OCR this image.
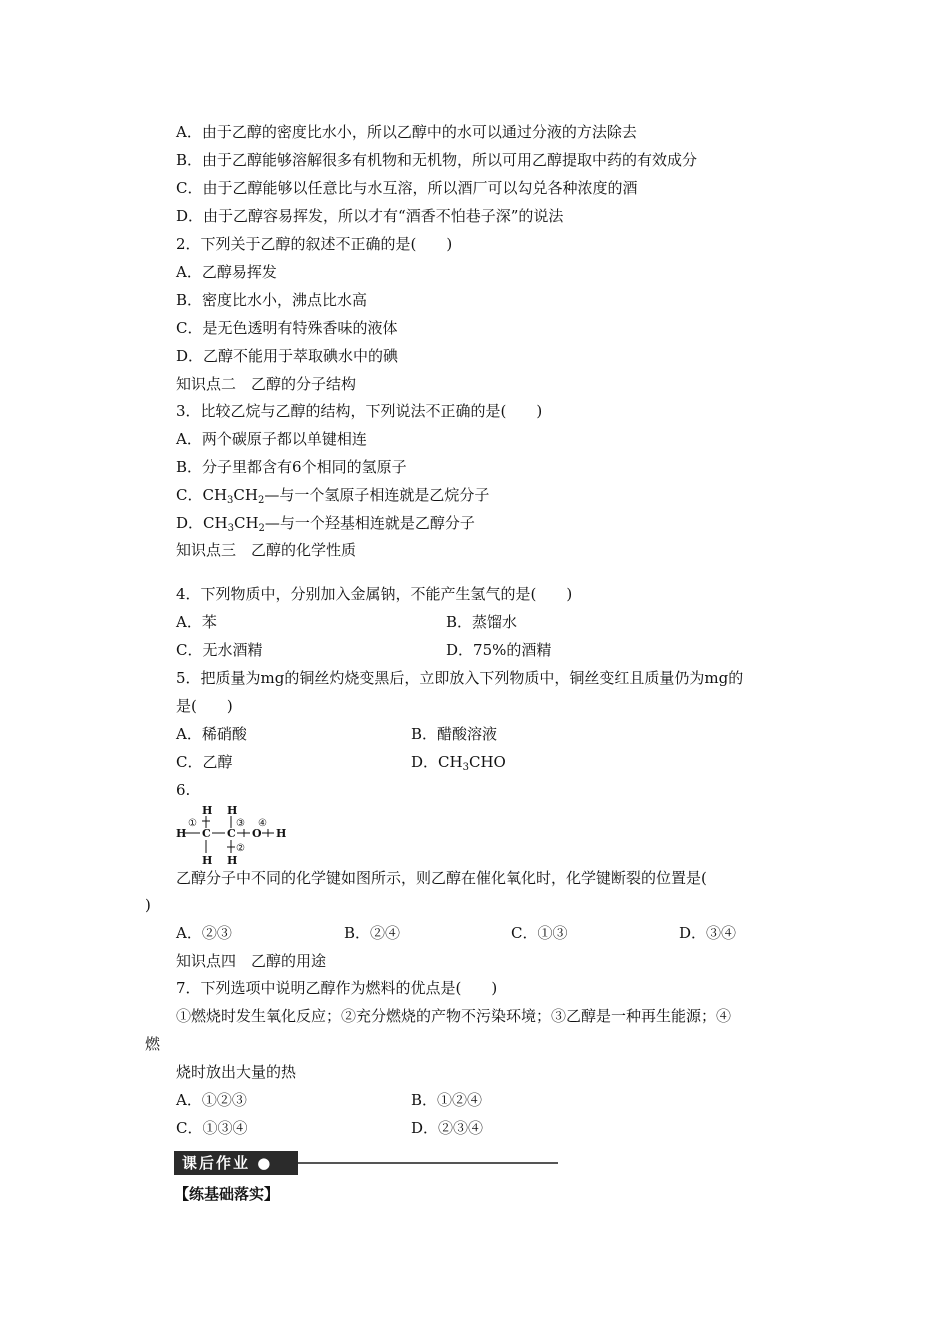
A．由于乙醇的密度比水小，所以乙醇中的水可以通过分液的方法除去
B．由于乙醇能够溶解很多有机物和无机物，所以可用乙醇提取中药的有效成分
C．由于乙醇能够以任意比与水互溶，所以酒厂可以勾兑各种浓度的酒
D．由于乙醇容易挥发，所以才有“酒香不怕巷子深”的说法
2．下列关于乙醇的叙述不正确的是(　　)
A．乙醇易挥发
B．密度比水小，沸点比水高
C．是无色透明有特殊香味的液体
D．乙醇不能用于萃取碘水中的碘
知识点二　乙醇的分子结构
3．比较乙烷与乙醇的结构，下列说法不正确的是(　　)
A．两个碳原子都以单键相连
B．分子里都含有6个相同的氢原子
C．$CH_3CH_2—$与一个氢原子相连就是乙烷分子
D．$CH_3CH_2—$与一个羟基相连就是乙醇分子
知识点三　乙醇的化学性质
4．下列物质中，分别加入金属钠，不能产生氢气的是(　　)
A．苯	B．蒸馏水
C．无水酒精	D．75%的酒精
5．把质量为mg的铜丝灼烧变黑后，立即放入下列物质中，铜丝变红且质量仍为mg的
是(　　)
A．稀硝酸	B．醋酸溶液
C．乙醇	D．$CH_3CHO$
6.
H H
①	③ ④
H C C O H
②
H H
乙醇分子中不同的化学键如图所示，则乙醇在催化氧化时，化学键断裂的位置是(
)
A．②③	B．②④	C．①③	D．③④
知识点四　乙醇的用途
7．下列选项中说明乙醇作为燃料的优点是(　　)
①燃烧时发生氧化反应；②充分燃烧的产物不污染环境；③乙醇是一种再生能源；④
燃
烧时放出大量的热
A．①②③	B．①②④
C．①③④	D．②③④
课后作业 ●
【练基础落实】
